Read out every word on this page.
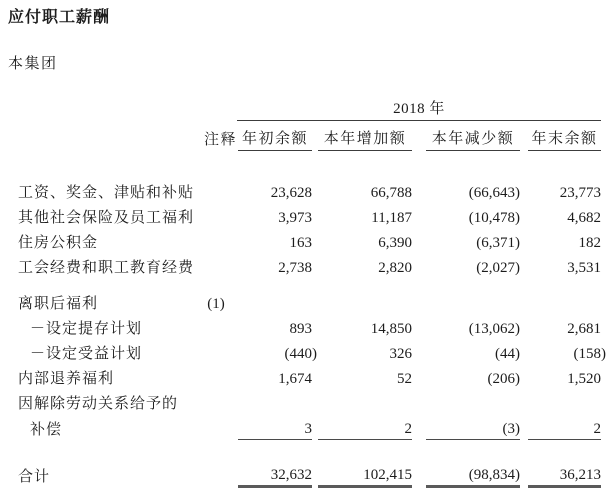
应付职工薪酬
本集团
		2018 年
	注释		年初余额		本年增加额		本年减少额		年末余额

工资、奖金、津贴和补贴			23,628		66,788		(66,643)		23,773
其他社会保险及员工福利			3,973		11,187		(10,478)		4,682
住房公积金			163		6,390		(6,371)		182
工会经费和职工教育经费			2,738		2,820		(2,027)		3,531

离职后福利	(1)								
－设定提存计划			893		14,850		(13,062)		2,681
－设定受益计划			(440)		326		(44)		(158)
内部退养福利			1,674		52		(206)		1,520
因解除劳动关系给予的									
补偿			3		2		(3)		2

合计			32,632		102,415		(98,834)		36,213
